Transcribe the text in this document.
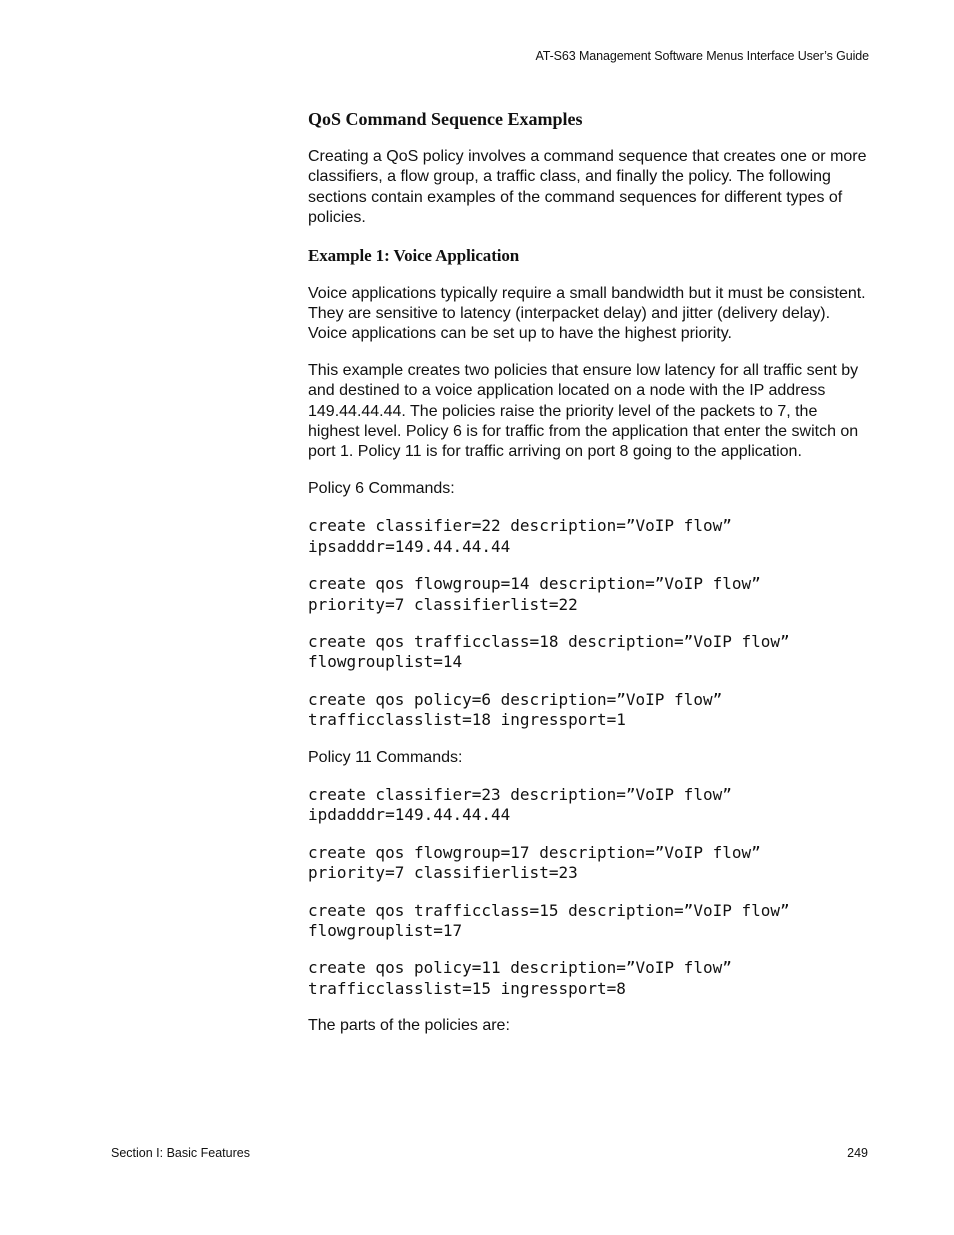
AT-S63 Management Software Menus Interface User’s Guide
QoS Command Sequence Examples

Creating a QoS policy involves a command sequence that creates one or more classifiers, a flow group, a traffic class, and finally the policy. The following sections contain examples of the command sequences for different types of policies.

Example 1: Voice Application

Voice applications typically require a small bandwidth but it must be consistent. They are sensitive to latency (interpacket delay) and jitter (delivery delay). Voice applications can be set up to have the highest priority.

This example creates two policies that ensure low latency for all traffic sent by and destined to a voice application located on a node with the IP address 149.44.44.44. The policies raise the priority level of the packets to 7, the highest level. Policy 6 is for traffic from the application that enter the switch on port 1. Policy 11 is for traffic arriving on port 8 going to the application.

Policy 6 Commands:

create classifier=22 description=”VoIP flow”
ipsadddr=149.44.44.44
create qos flowgroup=14 description=”VoIP flow”
priority=7 classifierlist=22
create qos trafficclass=18 description=”VoIP flow”
flowgrouplist=14
create qos policy=6 description=”VoIP flow”
trafficclasslist=18 ingressport=1

Policy 11 Commands:

create classifier=23 description=”VoIP flow”
ipdadddr=149.44.44.44
create qos flowgroup=17 description=”VoIP flow”
priority=7 classifierlist=23
create qos trafficclass=15 description=”VoIP flow”
flowgrouplist=17
create qos policy=11 description=”VoIP flow”
trafficclasslist=15 ingressport=8

The parts of the policies are:

Section I: Basic Features	249
